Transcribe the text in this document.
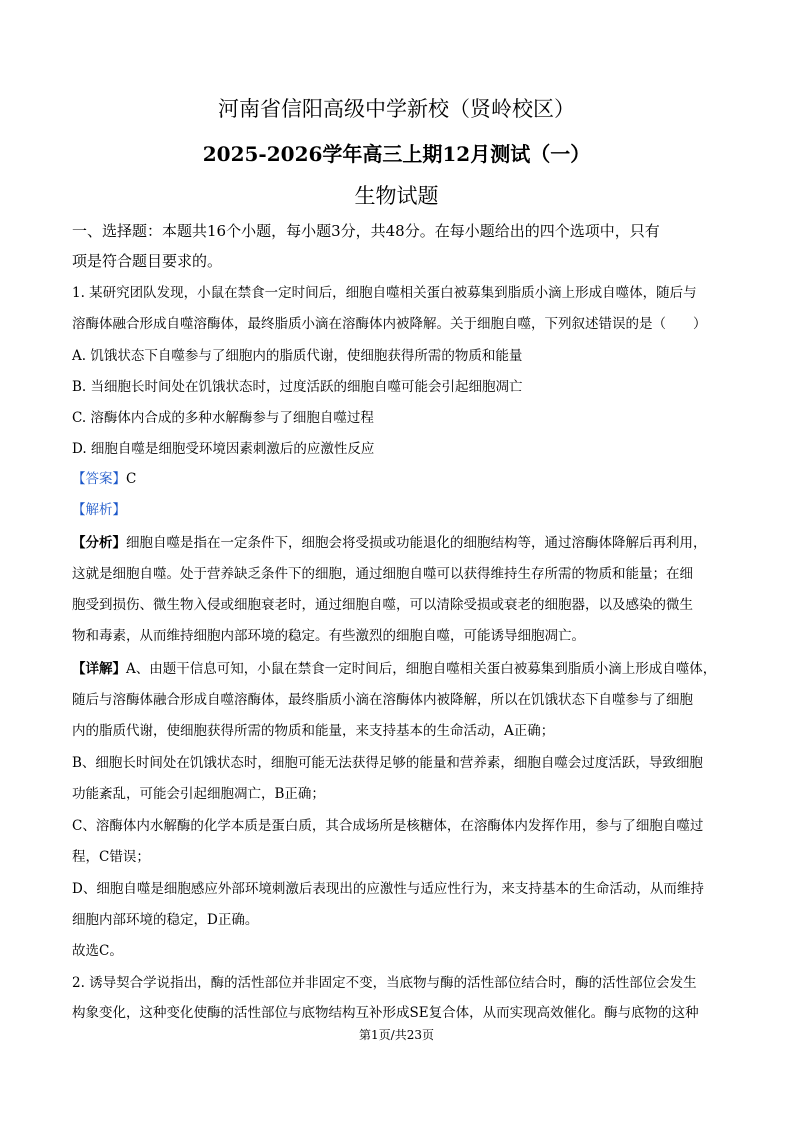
河南省信阳高级中学新校（贤岭校区）
2025-2026学年高三上期12月测试（一）
生物试题
一、选择题：本题共16个小题，每小题3分，共48分。在每小题给出的四个选项中，只有
项是符合题目要求的。
1. 某研究团队发现，小鼠在禁食一定时间后，细胞自噬相关蛋白被募集到脂质小滴上形成自噬体，随后与
溶酶体融合形成自噬溶酶体，最终脂质小滴在溶酶体内被降解。关于细胞自噬，下列叙述错误的是（　　）
A. 饥饿状态下自噬参与了细胞内的脂质代谢，使细胞获得所需的物质和能量
B. 当细胞长时间处在饥饿状态时，过度活跃的细胞自噬可能会引起细胞凋亡
C. 溶酶体内合成的多种水解酶参与了细胞自噬过程
D. 细胞自噬是细胞受环境因素刺激后的应激性反应
【答案】C
【解析】
【分析】细胞自噬是指在一定条件下，细胞会将受损或功能退化的细胞结构等，通过溶酶体降解后再利用，
这就是细胞自噬。处于营养缺乏条件下的细胞，通过细胞自噬可以获得维持生存所需的物质和能量；在细
胞受到损伤、微生物入侵或细胞衰老时，通过细胞自噬，可以清除受损或衰老的细胞器，以及感染的微生
物和毒素，从而维持细胞内部环境的稳定。有些激烈的细胞自噬，可能诱导细胞凋亡。
【详解】A、由题干信息可知，小鼠在禁食一定时间后，细胞自噬相关蛋白被募集到脂质小滴上形成自噬体，
随后与溶酶体融合形成自噬溶酶体，最终脂质小滴在溶酶体内被降解，所以在饥饿状态下自噬参与了细胞
内的脂质代谢，使细胞获得所需的物质和能量，来支持基本的生命活动，A正确；
B、细胞长时间处在饥饿状态时，细胞可能无法获得足够的能量和营养素，细胞自噬会过度活跃，导致细胞
功能紊乱，可能会引起细胞凋亡，B正确；
C、溶酶体内水解酶的化学本质是蛋白质，其合成场所是核糖体，在溶酶体内发挥作用，参与了细胞自噬过
程，C错误；
D、细胞自噬是细胞感应外部环境刺激后表现出的应激性与适应性行为，来支持基本的生命活动，从而维持
细胞内部环境的稳定，D正确。
故选C。
2. 诱导契合学说指出，酶的活性部位并非固定不变，当底物与酶的活性部位结合时，酶的活性部位会发生
构象变化，这种变化使酶的活性部位与底物结构互补形成SE复合体，从而实现高效催化。酶与底物的这种
第1页/共23页
